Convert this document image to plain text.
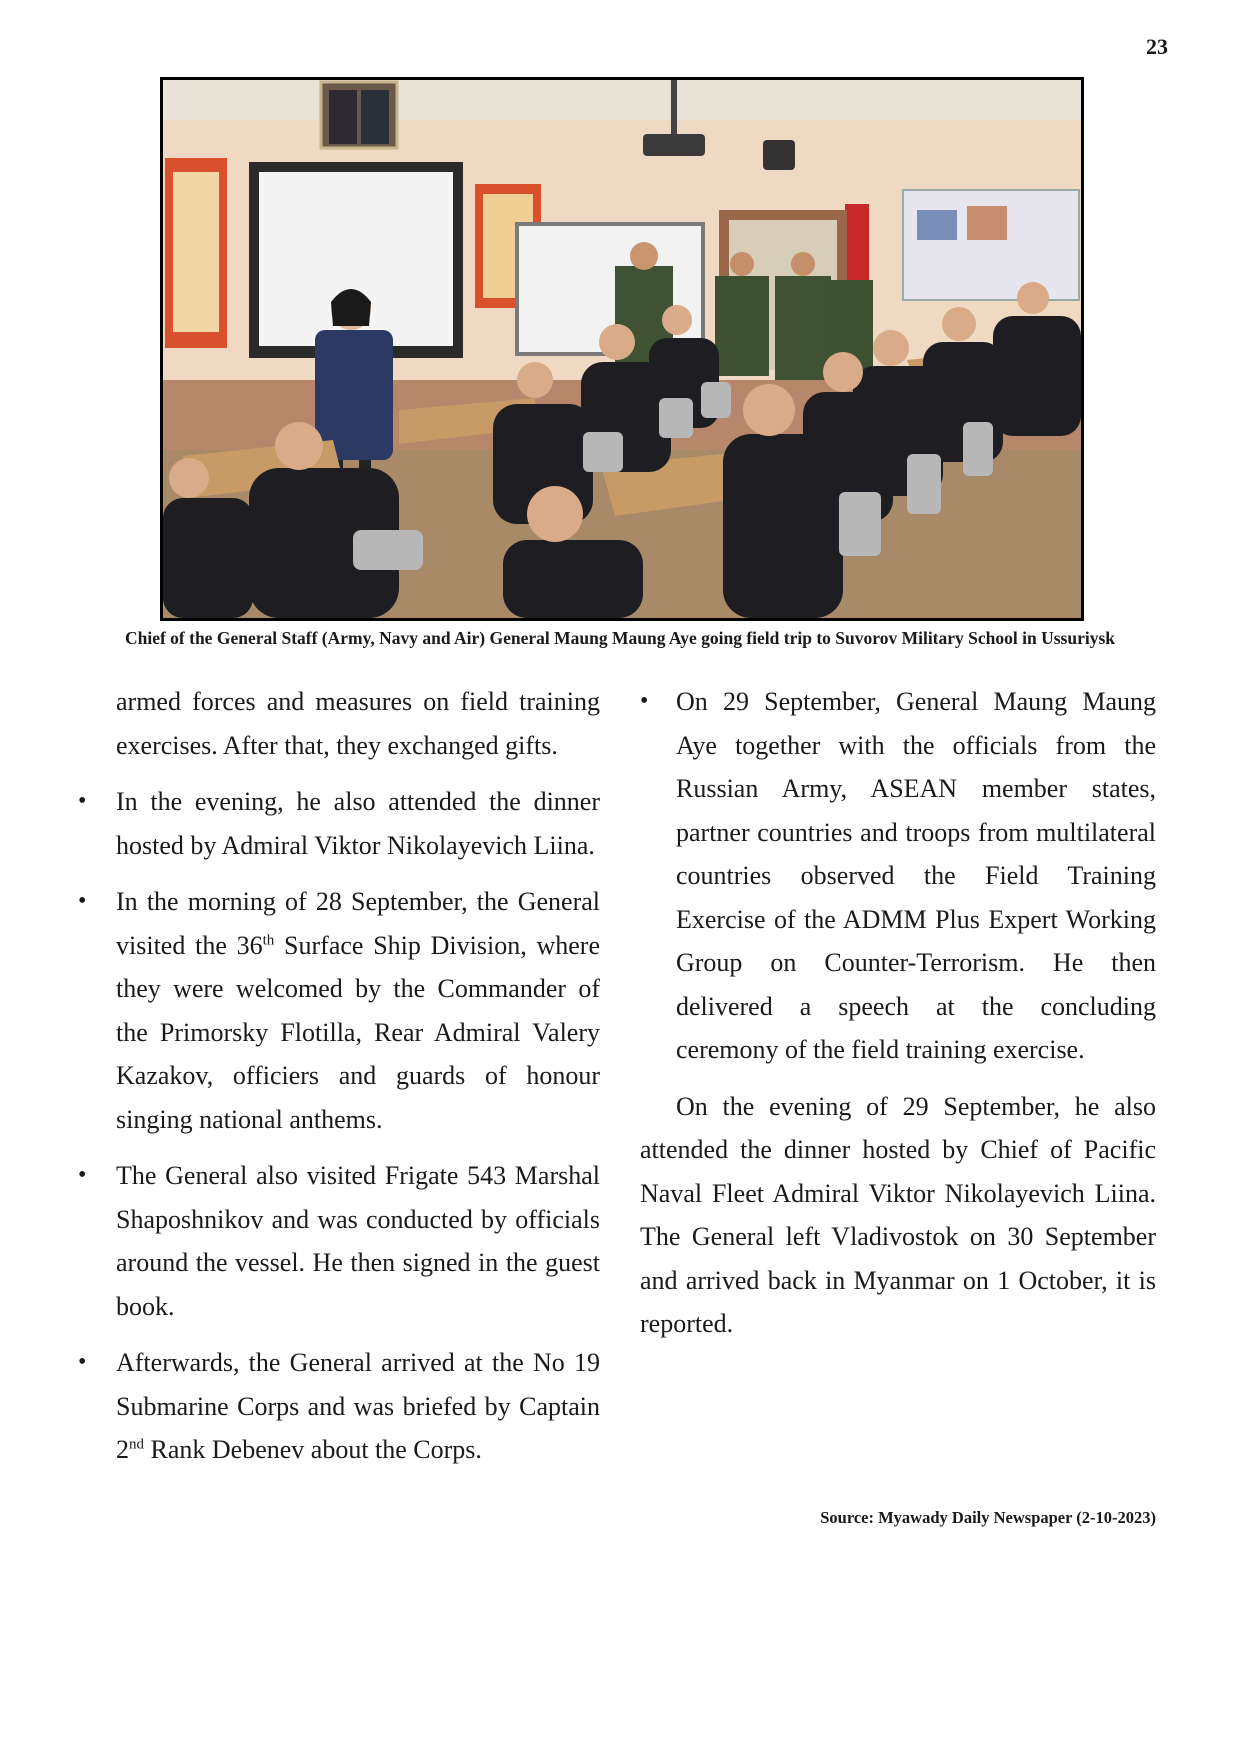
23
Chief of the General Staff (Army, Navy and Air) General Maung Maung Aye going field trip to Suvorov Military School in Ussuriysk

armed forces and measures on field training exercises. After that, they exchanged gifts.

• In the evening, he also attended the dinner hosted by Admiral Viktor Nikolayevich Liina.
• In the morning of 28 September, the General visited the 36th Surface Ship Division, where they were welcomed by the Commander of the Primorsky Flotilla, Rear Admiral Valery Kazakov, officiers and guards of honour singing national anthems.
• The General also visited Frigate 543 Marshal Shaposhnikov and was conducted by officials around the vessel. He then signed in the guest book.
• Afterwards, the General arrived at the No 19 Submarine Corps and was briefed by Captain 2nd Rank Debenev about the Corps.
• On 29 September, General Maung Maung Aye together with the officials from the Russian Army, ASEAN member states, partner countries and troops from multilateral countries observed the Field Training Exercise of the ADMM Plus Expert Working Group on Counter-Terrorism. He then delivered a speech at the concluding ceremony of the field training exercise.

On the evening of 29 September, he also attended the dinner hosted by Chief of Pacific Naval Fleet Admiral Viktor Nikolayevich Liina. The General left Vladivostok on 30 September and arrived back in Myanmar on 1 October, it is reported.

Source: Myawady Daily Newspaper (2-10-2023)
